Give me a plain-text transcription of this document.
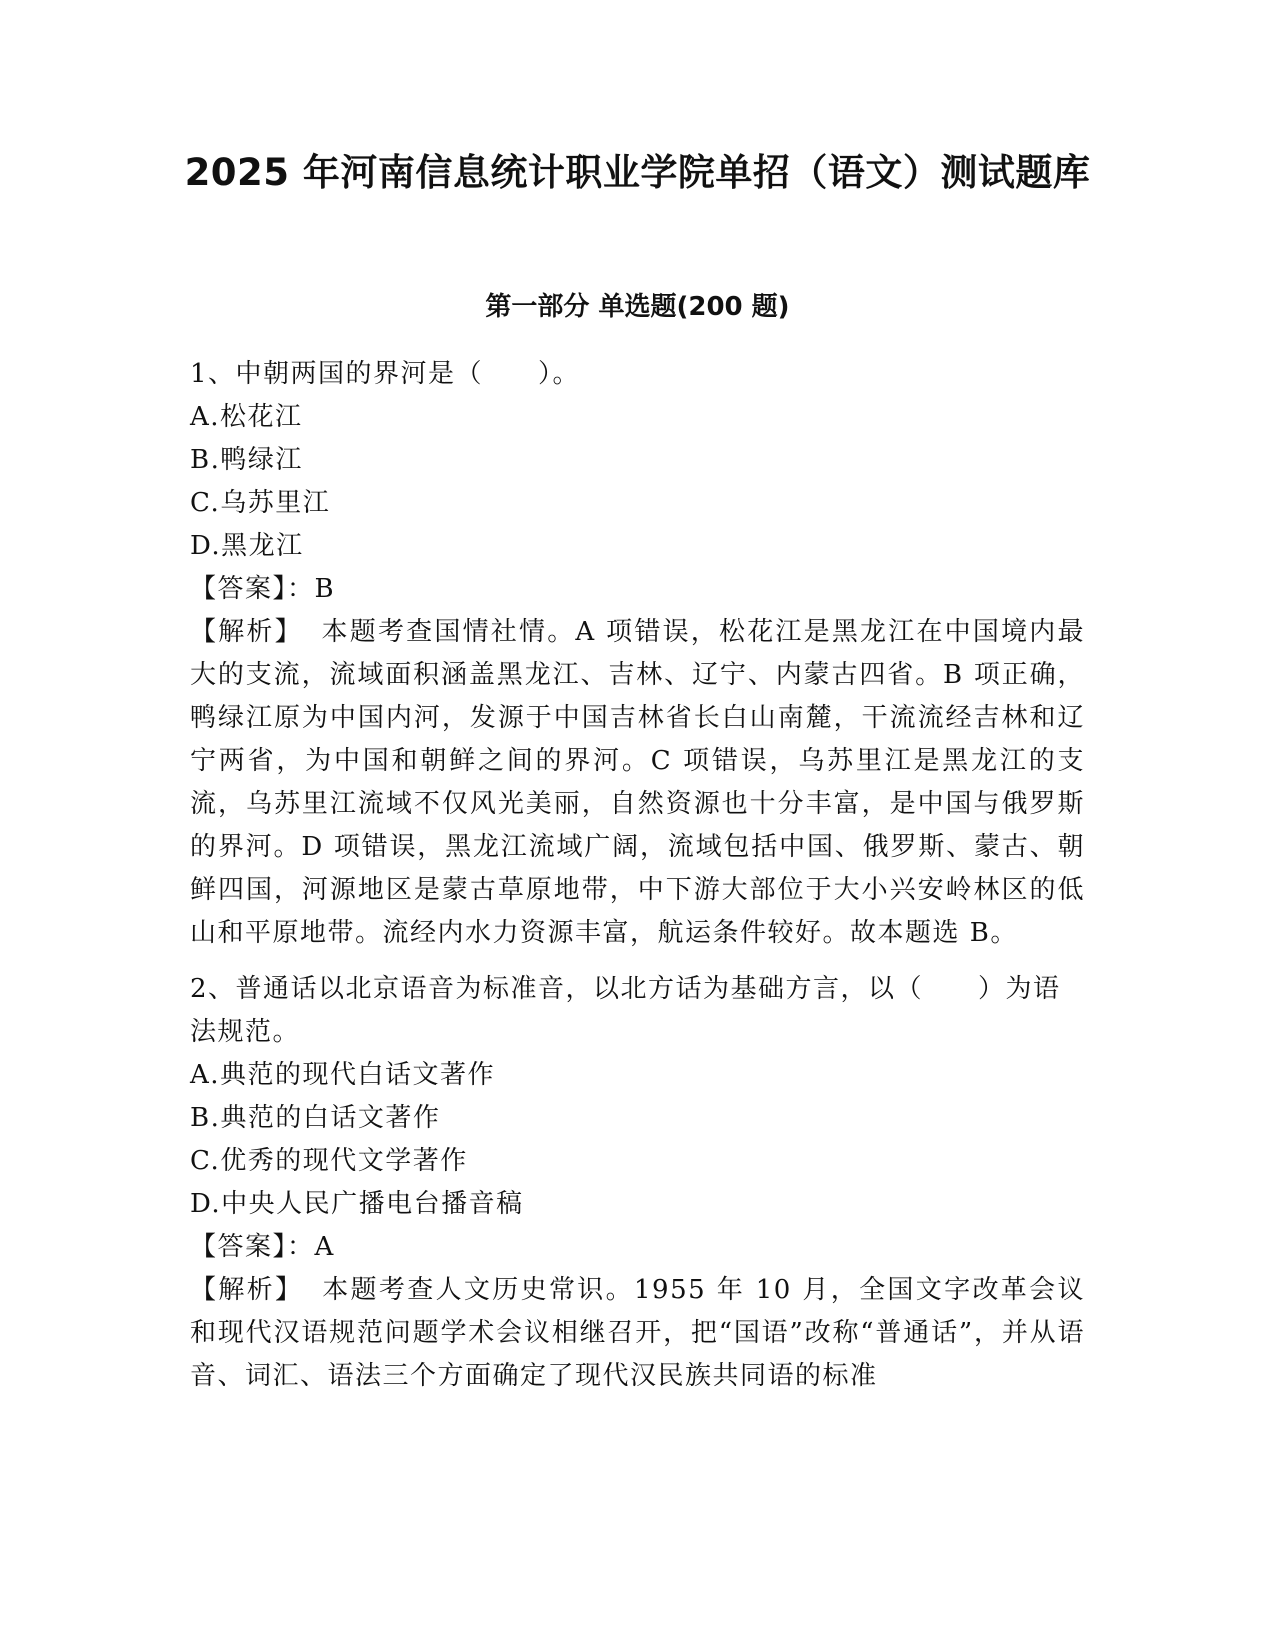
2025 年河南信息统计职业学院单招（语文）测试题库
第一部分 单选题(200 题)

1、中朝两国的界河是（　　）。

A.松花江

B.鸭绿江

C.乌苏里江

D.黑龙江

【答案】：B

【解析】 本题考查国情社情。A 项错误，松花江是黑龙江在中国境内最大的支流，流域面积涵盖黑龙江、吉林、辽宁、内蒙古四省。B 项正确，鸭绿江原为中国内河，发源于中国吉林省长白山南麓，干流流经吉林和辽宁两省，为中国和朝鲜之间的界河。C 项错误，乌苏里江是黑龙江的支流，乌苏里江流域不仅风光美丽，自然资源也十分丰富，是中国与俄罗斯的界河。D 项错误，黑龙江流域广阔，流域包括中国、俄罗斯、蒙古、朝鲜四国，河源地区是蒙古草原地带，中下游大部位于大小兴安岭林区的低山和平原地带。流经内水力资源丰富，航运条件较好。故本题选 B。

2、普通话以北京语音为标准音，以北方话为基础方言，以（　　）为语法规范。

A.典范的现代白话文著作

B.典范的白话文著作

C.优秀的现代文学著作

D.中央人民广播电台播音稿

【答案】：A

【解析】 本题考查人文历史常识。1955 年 10 月，全国文字改革会议和现代汉语规范问题学术会议相继召开，把“国语”改称“普通话”，并从语音、词汇、语法三个方面确定了现代汉民族共同语的标准
